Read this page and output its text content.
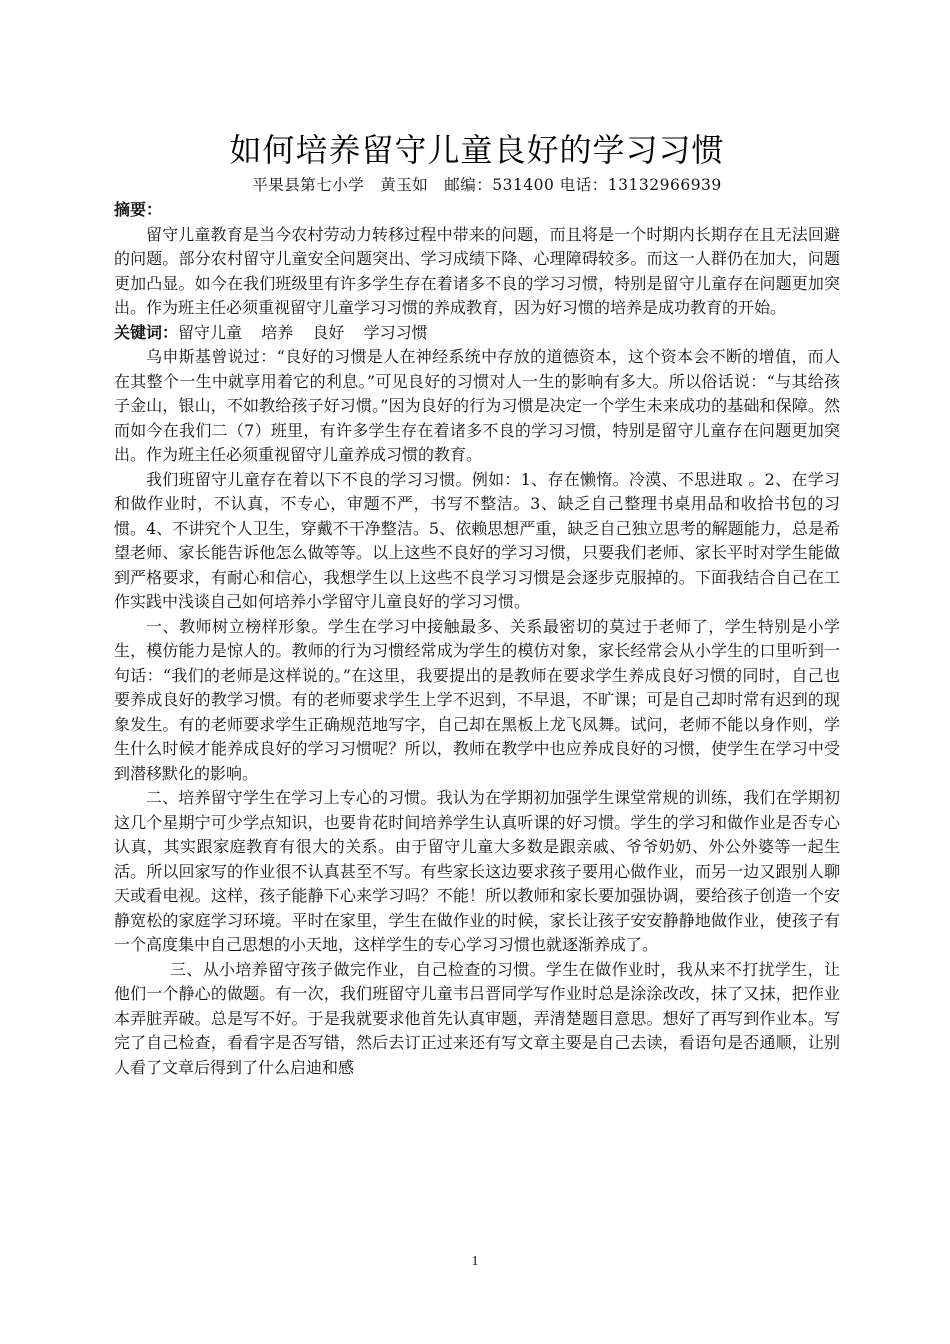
如何培养留守儿童良好的学习习惯
平果县第七小学　黄玉如　邮编：531400 电话：13132966939
摘要：

留守儿童教育是当今农村劳动力转移过程中带来的问题，而且将是一个时期内长期存在且无法回避的问题。部分农村留守儿童安全问题突出、学习成绩下降、心理障碍较多。而这一人群仍在加大，问题更加凸显。如今在我们班级里有许多学生存在着诸多不良的学习习惯，特别是留守儿童存在问题更加突出。作为班主任必须重视留守儿童学习习惯的养成教育，因为好习惯的培养是成功教育的开始。

关键词：留守儿童 培养 良好 学习习惯

乌申斯基曾说过：“良好的习惯是人在神经系统中存放的道德资本，这个资本会不断的增值，而人在其整个一生中就享用着它的利息。”可见良好的习惯对人一生的影响有多大。所以俗话说：“与其给孩子金山，银山，不如教给孩子好习惯。”因为良好的行为习惯是决定一个学生未来成功的基础和保障。然而如今在我们二（7）班里，有许多学生存在着诸多不良的学习习惯，特别是留守儿童存在问题更加突出。作为班主任必须重视留守儿童养成习惯的教育。

我们班留守儿童存在着以下不良的学习习惯。例如：1、存在懒惰。冷漠、不思进取 。2、在学习和做作业时，不认真，不专心，审题不严，书写不整洁。3、缺乏自己整理书桌用品和收拾书包的习惯。4、不讲究个人卫生，穿戴不干净整洁。5、依赖思想严重，缺乏自己独立思考的解题能力，总是希望老师、家长能告诉他怎么做等等。以上这些不良好的学习习惯，只要我们老师、家长平时对学生能做到严格要求，有耐心和信心，我想学生以上这些不良学习习惯是会逐步克服掉的。下面我结合自己在工作实践中浅谈自己如何培养小学留守儿童良好的学习习惯。

一、教师树立榜样形象。学生在学习中接触最多、关系最密切的莫过于老师了，学生特别是小学生，模仿能力是惊人的。教师的行为习惯经常成为学生的模仿对象，家长经常会从小学生的口里听到一句话：“我们的老师是这样说的。”在这里，我要提出的是教师在要求学生养成良好习惯的同时，自己也要养成良好的教学习惯。有的老师要求学生上学不迟到，不早退，不旷课；可是自己却时常有迟到的现象发生。有的老师要求学生正确规范地写字，自己却在黑板上龙飞凤舞。试问，老师不能以身作则，学生什么时候才能养成良好的学习习惯呢？所以，教师在教学中也应养成良好的习惯，使学生在学习中受到潜移默化的影响。

二、培养留守学生在学习上专心的习惯。我认为在学期初加强学生课堂常规的训练，我们在学期初这几个星期宁可少学点知识，也要肯花时间培养学生认真听课的好习惯。学生的学习和做作业是否专心认真，其实跟家庭教育有很大的关系。由于留守儿童大多数是跟亲戚、爷爷奶奶、外公外婆等一起生活。所以回家写的作业很不认真甚至不写。有些家长这边要求孩子要用心做作业，而另一边又跟别人聊天或看电视。这样，孩子能静下心来学习吗？不能！所以教师和家长要加强协调，要给孩子创造一个安静宽松的家庭学习环境。平时在家里，学生在做作业的时候，家长让孩子安安静静地做作业，使孩子有一个高度集中自己思想的小天地，这样学生的专心学习习惯也就逐渐养成了。

三、从小培养留守孩子做完作业，自己检查的习惯。学生在做作业时，我从来不打扰学生，让他们一个静心的做题。有一次，我们班留守儿童韦吕晋同学写作业时总是涂涂改改，抹了又抹，把作业本弄脏弄破。总是写不好。于是我就要求他首先认真审题，弄清楚题目意思。想好了再写到作业本。写完了自己检查，看看字是否写错，然后去订正过来还有写文章主要是自己去读，看语句是否通顺，让别人看了文章后得到了什么启迪和感

1
